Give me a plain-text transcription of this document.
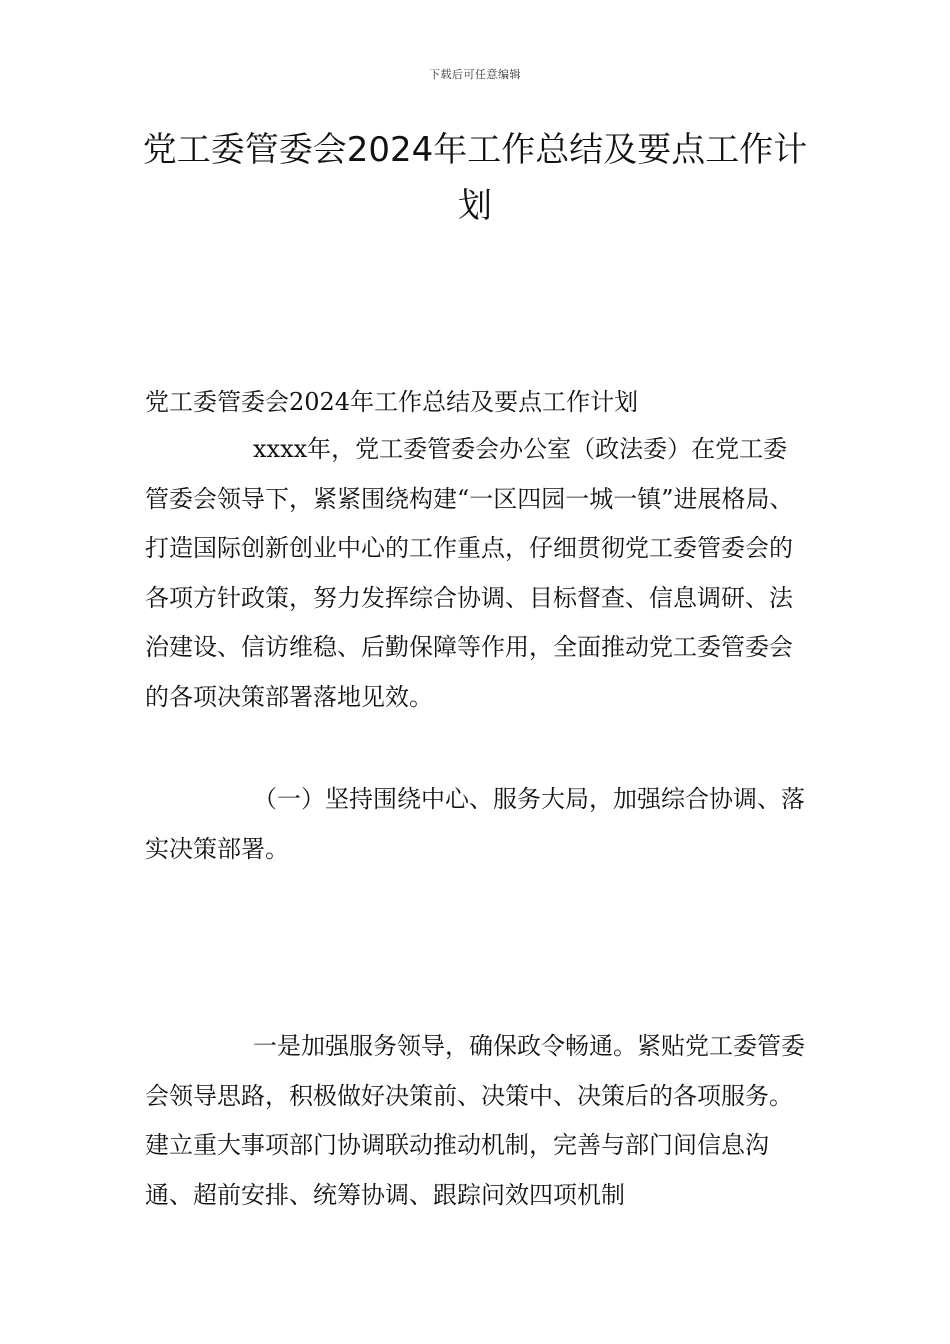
下载后可任意编辑
党工委管委会2024年工作总结及要点工作计划

党工委管委会2024年工作总结及要点工作计划

xxxx年，党工委管委会办公室（政法委）在党工委管委会领导下，紧紧围绕构建“一区四园一城一镇”进展格局、打造国际创新创业中心的工作重点，仔细贯彻党工委管委会的各项方针政策，努力发挥综合协调、目标督查、信息调研、法治建设、信访维稳、后勤保障等作用，全面推动党工委管委会的各项决策部署落地见效。

（一）坚持围绕中心、服务大局，加强综合协调、落实决策部署。

一是加强服务领导，确保政令畅通。紧贴党工委管委会领导思路，积极做好决策前、决策中、决策后的各项服务。建立重大事项部门协调联动推动机制，完善与部门间信息沟通、超前安排、统筹协调、跟踪问效四项机制
